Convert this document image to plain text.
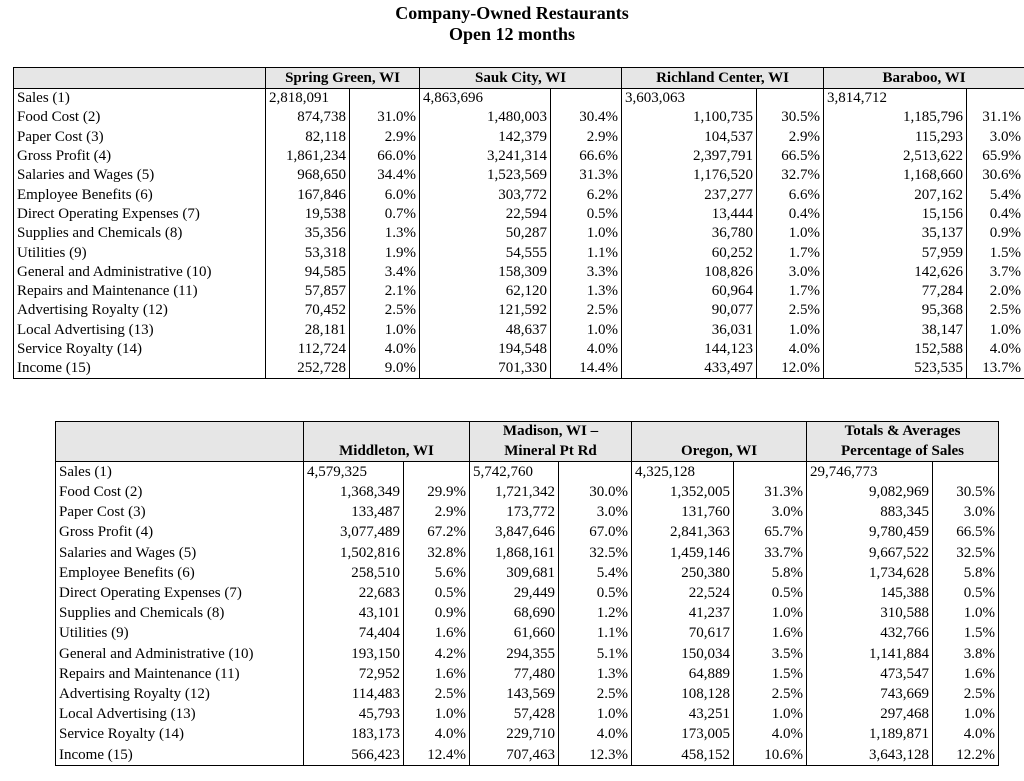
Company-Owned Restaurants
Open 12 months
	Spring Green, WI		Sauk City, WI		Richland Center, WI		Baraboo, WI	
Sales (1)	2,818,091		4,863,696		3,603,063		3,814,712	
Food Cost (2)	874,738	31.0%	1,480,003	30.4%	1,100,735	30.5%	1,185,796	31.1%
Paper Cost (3)	82,118	2.9%	142,379	2.9%	104,537	2.9%	115,293	3.0%
Gross Profit (4)	1,861,234	66.0%	3,241,314	66.6%	2,397,791	66.5%	2,513,622	65.9%
Salaries and Wages (5)	968,650	34.4%	1,523,569	31.3%	1,176,520	32.7%	1,168,660	30.6%
Employee Benefits (6)	167,846	6.0%	303,772	6.2%	237,277	6.6%	207,162	5.4%
Direct Operating Expenses (7)	19,538	0.7%	22,594	0.5%	13,444	0.4%	15,156	0.4%
Supplies and Chemicals (8)	35,356	1.3%	50,287	1.0%	36,780	1.0%	35,137	0.9%
Utilities (9)	53,318	1.9%	54,555	1.1%	60,252	1.7%	57,959	1.5%
General and Administrative (10)	94,585	3.4%	158,309	3.3%	108,826	3.0%	142,626	3.7%
Repairs and Maintenance (11)	57,857	2.1%	62,120	1.3%	60,964	1.7%	77,284	2.0%
Advertising Royalty (12)	70,452	2.5%	121,592	2.5%	90,077	2.5%	95,368	2.5%
Local Advertising (13)	28,181	1.0%	48,637	1.0%	36,031	1.0%	38,147	1.0%
Service Royalty (14)	112,724	4.0%	194,548	4.0%	144,123	4.0%	152,588	4.0%
Income (15)	252,728	9.0%	701,330	14.4%	433,497	12.0%	523,535	13.7%
			Madison, WI –				Totals & Averages	
	Middleton, WI		Mineral Pt Rd		Oregon, WI		Percentage of Sales	
Sales (1)	4,579,325		5,742,760		4,325,128		29,746,773	
Food Cost (2)	1,368,349	29.9%	1,721,342	30.0%	1,352,005	31.3%	9,082,969	30.5%
Paper Cost (3)	133,487	2.9%	173,772	3.0%	131,760	3.0%	883,345	3.0%
Gross Profit (4)	3,077,489	67.2%	3,847,646	67.0%	2,841,363	65.7%	9,780,459	66.5%
Salaries and Wages (5)	1,502,816	32.8%	1,868,161	32.5%	1,459,146	33.7%	9,667,522	32.5%
Employee Benefits (6)	258,510	5.6%	309,681	5.4%	250,380	5.8%	1,734,628	5.8%
Direct Operating Expenses (7)	22,683	0.5%	29,449	0.5%	22,524	0.5%	145,388	0.5%
Supplies and Chemicals (8)	43,101	0.9%	68,690	1.2%	41,237	1.0%	310,588	1.0%
Utilities (9)	74,404	1.6%	61,660	1.1%	70,617	1.6%	432,766	1.5%
General and Administrative (10)	193,150	4.2%	294,355	5.1%	150,034	3.5%	1,141,884	3.8%
Repairs and Maintenance (11)	72,952	1.6%	77,480	1.3%	64,889	1.5%	473,547	1.6%
Advertising Royalty (12)	114,483	2.5%	143,569	2.5%	108,128	2.5%	743,669	2.5%
Local Advertising (13)	45,793	1.0%	57,428	1.0%	43,251	1.0%	297,468	1.0%
Service Royalty (14)	183,173	4.0%	229,710	4.0%	173,005	4.0%	1,189,871	4.0%
Income (15)	566,423	12.4%	707,463	12.3%	458,152	10.6%	3,643,128	12.2%
